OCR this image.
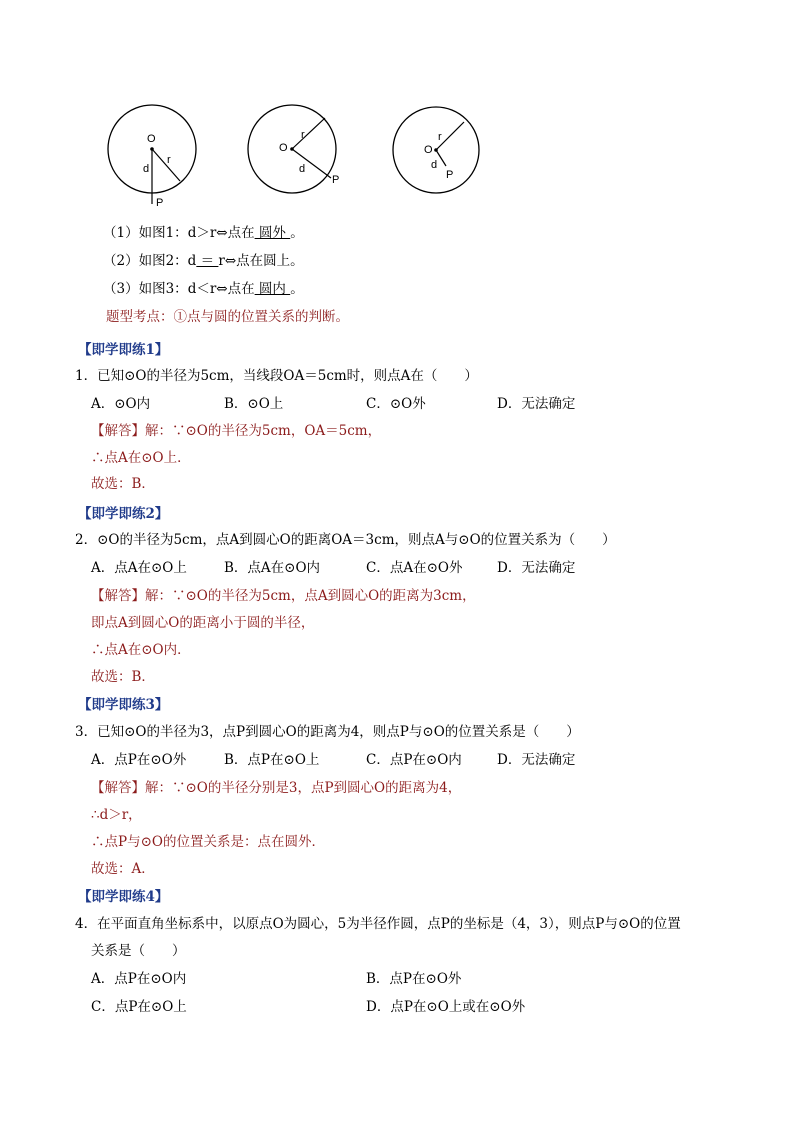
O
d
r
P
O
r
d
P
O
r
d
P
（1）如图1：d＞r⇔点在 圆外 。
（2）如图2：d ＝ r⇔点在圆上。
（3）如图3：d＜r⇔点在 圆内 。
题型考点：①点与圆的位置关系的判断。
【即学即练1】
1．已知⊙O的半径为5cm，当线段OA＝5cm时，则点A在（　　）
A．⊙O内	B．⊙O上	C．⊙O外	D．无法确定
【解答】解：∵⊙O的半径为5cm，OA＝5cm，
∴点A在⊙O上．
故选：B．
【即学即练2】
2．⊙O的半径为5cm，点A到圆心O的距离OA＝3cm，则点A与⊙O的位置关系为（　　）
A．点A在⊙O上	B．点A在⊙O内	C．点A在⊙O外	D．无法确定
【解答】解：∵⊙O的半径为5cm，点A到圆心O的距离为3cm，
即点A到圆心O的距离小于圆的半径，
∴点A在⊙O内．
故选：B．
【即学即练3】
3．已知⊙O的半径为3，点P到圆心O的距离为4，则点P与⊙O的位置关系是（　　）
A．点P在⊙O外	B．点P在⊙O上	C．点P在⊙O内	D．无法确定
【解答】解：∵⊙O的半径分别是3，点P到圆心O的距离为4，
∴d＞r，
∴点P与⊙O的位置关系是：点在圆外．
故选：A．
【即学即练4】
4．在平面直角坐标系中，以原点O为圆心，5为半径作圆，点P的坐标是（4，3），则点P与⊙O的位置
关系是（　　）
A．点P在⊙O内	B．点P在⊙O外
C．点P在⊙O上	D．点P在⊙O上或在⊙O外
